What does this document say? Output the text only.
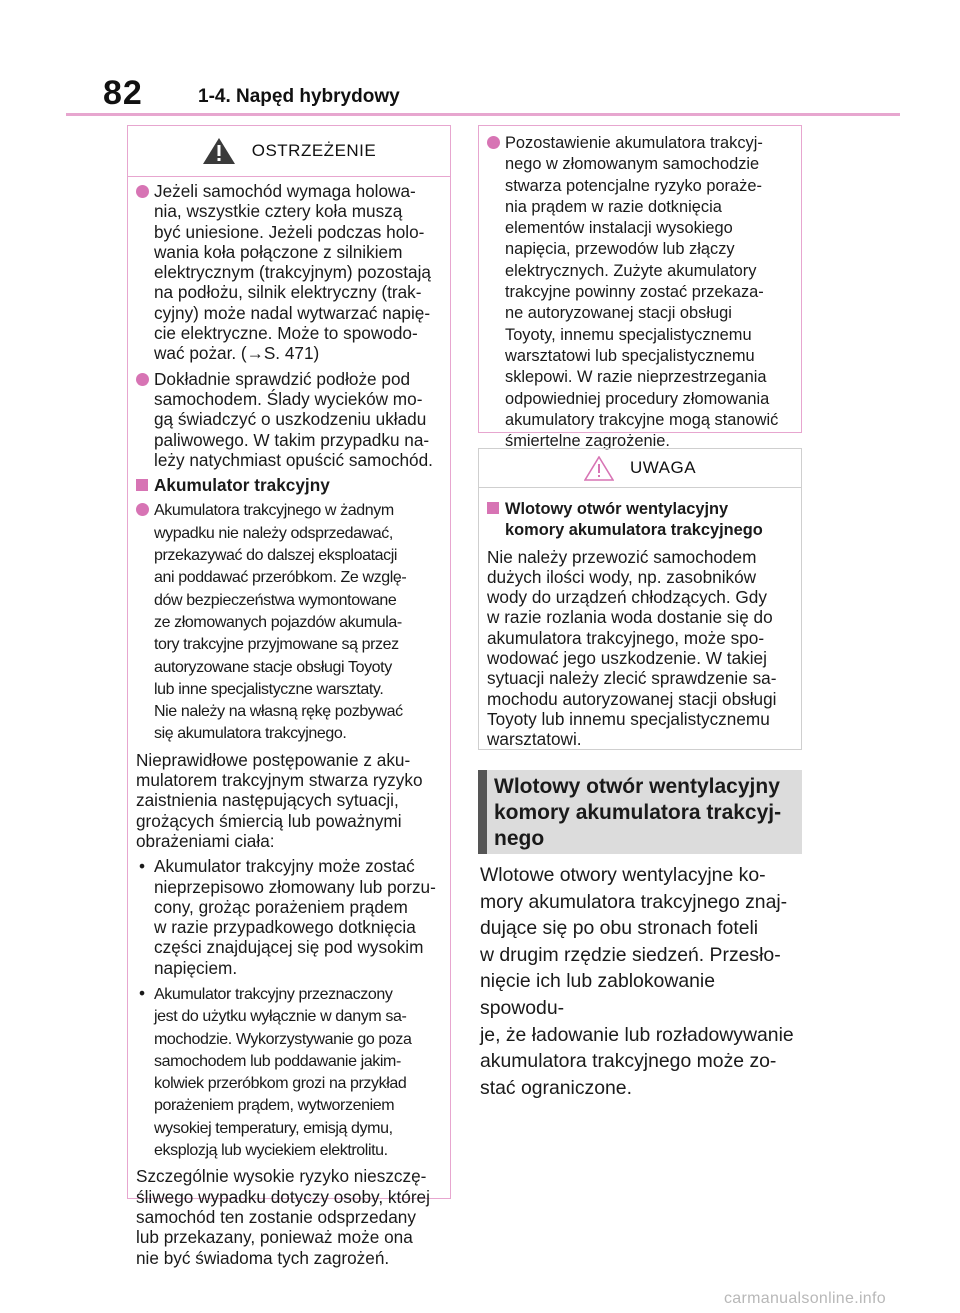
82	1-4. Napęd hybrydowy
OSTRZEŻENIE
Jeżeli samochód wymaga holowa-
nia, wszystkie cztery koła muszą
być uniesione. Jeżeli podczas holo-
wania koła połączone z silnikiem
elektrycznym (trakcyjnym) pozostają
na podłożu, silnik elektryczny (trak-
cyjny) może nadal wytwarzać napię-
cie elektryczne. Może to spowodo-
wać pożar. (→S. 471)
Dokładnie sprawdzić podłoże pod
samochodem. Ślady wycieków mo-
gą świadczyć o uszkodzeniu układu
paliwowego. W takim przypadku na-
leży natychmiast opuścić samochód.
Akumulator trakcyjny
Akumulatora trakcyjnego w żadnym
wypadku nie należy odsprzedawać,
przekazywać do dalszej eksploatacji
ani poddawać przeróbkom. Ze wzglę-
dów bezpieczeństwa wymontowane
ze złomowanych pojazdów akumula-
tory trakcyjne przyjmowane są przez
autoryzowane stacje obsługi Toyoty
lub inne specjalistyczne warsztaty.
Nie należy na własną rękę pozbywać
się akumulatora trakcyjnego.
Nieprawidłowe postępowanie z aku-
mulatorem trakcyjnym stwarza ryzyko
zaistnienia następujących sytuacji,
grożących śmiercią lub poważnymi
obrażeniami ciała:
• Akumulator trakcyjny może zostać
nieprzepisowo złomowany lub porzu-
cony, grożąc porażeniem prądem
w razie przypadkowego dotknięcia
części znajdującej się pod wysokim
napięciem.
• Akumulator trakcyjny przeznaczony
jest do użytku wyłącznie w danym sa-
mochodzie. Wykorzystywanie go poza
samochodem lub poddawanie jakim-
kolwiek przeróbkom grozi na przykład
porażeniem prądem, wytworzeniem
wysokiej temperatury, emisją dymu,
eksplozją lub wyciekiem elektrolitu.
Szczególnie wysokie ryzyko nieszczę-
śliwego wypadku dotyczy osoby, której
samochód ten zostanie odsprzedany
lub przekazany, ponieważ może ona
nie być świadoma tych zagrożeń.
Pozostawienie akumulatora trakcyj-
nego w złomowanym samochodzie
stwarza potencjalne ryzyko poraże-
nia prądem w razie dotknięcia
elementów instalacji wysokiego
napięcia, przewodów lub złączy
elektrycznych. Zużyte akumulatory
trakcyjne powinny zostać przekaza-
ne autoryzowanej stacji obsługi
Toyoty, innemu specjalistycznemu
warsztatowi lub specjalistycznemu
sklepowi. W razie nieprzestrzegania
odpowiedniej procedury złomowania
akumulatory trakcyjne mogą stanowić
śmiertelne zagrożenie.
UWAGA
Wlotowy otwór wentylacyjny
komory akumulatora trakcyjnego
Nie należy przewozić samochodem
dużych ilości wody, np. zasobników
wody do urządzeń chłodzących. Gdy
w razie rozlania woda dostanie się do
akumulatora trakcyjnego, może spo-
wodować jego uszkodzenie. W takiej
sytuacji należy zlecić sprawdzenie sa-
mochodu autoryzowanej stacji obsługi
Toyoty lub innemu specjalistycznemu
warsztatowi.
Wlotowy otwór wentylacyjny
komory akumulatora trakcyj-
nego
Wlotowe otwory wentylacyjne ko-
mory akumulatora trakcyjnego znaj-
dujące się po obu stronach foteli
w drugim rzędzie siedzeń. Przesło-
nięcie ich lub zablokowanie spowodu-
je, że ładowanie lub rozładowywanie
akumulatora trakcyjnego może zo-
stać ograniczone.
carmanualsonline.info
